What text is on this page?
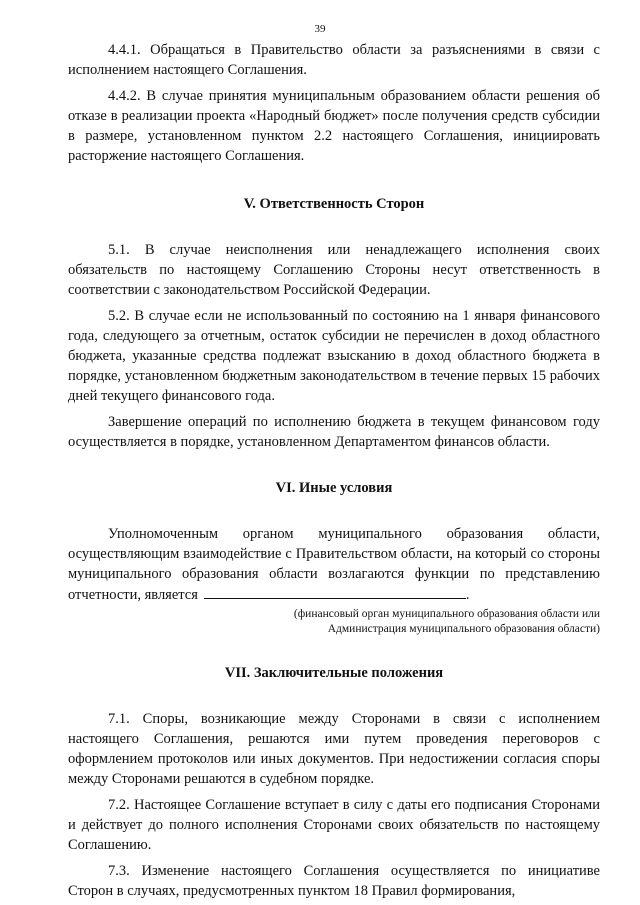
39

4.4.1. Обращаться в Правительство области за разъяснениями в связи с исполнением настоящего Соглашения.

4.4.2. В случае принятия муниципальным образованием области решения об отказе в реализации проекта «Народный бюджет» после получения средств субсидии в размере, установленном пунктом 2.2 настоящего Соглашения, инициировать расторжение настоящего Соглашения.

V. Ответственность Сторон

5.1. В случае неисполнения или ненадлежащего исполнения своих обязательств по настоящему Соглашению Стороны несут ответственность в соответствии с законодательством Российской Федерации.

5.2. В случае если не использованный по состоянию на 1 января финансового года, следующего за отчетным, остаток субсидии не перечислен в доход областного бюджета, указанные средства подлежат взысканию в доход областного бюджета в порядке, установленном бюджетным законодательством в течение первых 15 рабочих дней текущего финансового года.

Завершение операций по исполнению бюджета в текущем финансовом году осуществляется в порядке, установленном Департаментом финансов области.

VI. Иные условия

Уполномоченным органом муниципального образования области, осуществляющим взаимодействие с Правительством области, на который со стороны муниципального образования области возлагаются функции по представлению отчетности, является	.

(финансовый орган муниципального образования области или
Администрация муниципального образования области)
VII. Заключительные положения

7.1. Споры, возникающие между Сторонами в связи с исполнением настоящего Соглашения, решаются ими путем проведения переговоров с оформлением протоколов или иных документов. При недостижении согласия споры между Сторонами решаются в судебном порядке.

7.2. Настоящее Соглашение вступает в силу с даты его подписания Сторонами и действует до полного исполнения Сторонами своих обязательств по настоящему Соглашению.

7.3. Изменение настоящего Соглашения осуществляется по инициативе Сторон в случаях, предусмотренных пунктом 18 Правил формирования,
